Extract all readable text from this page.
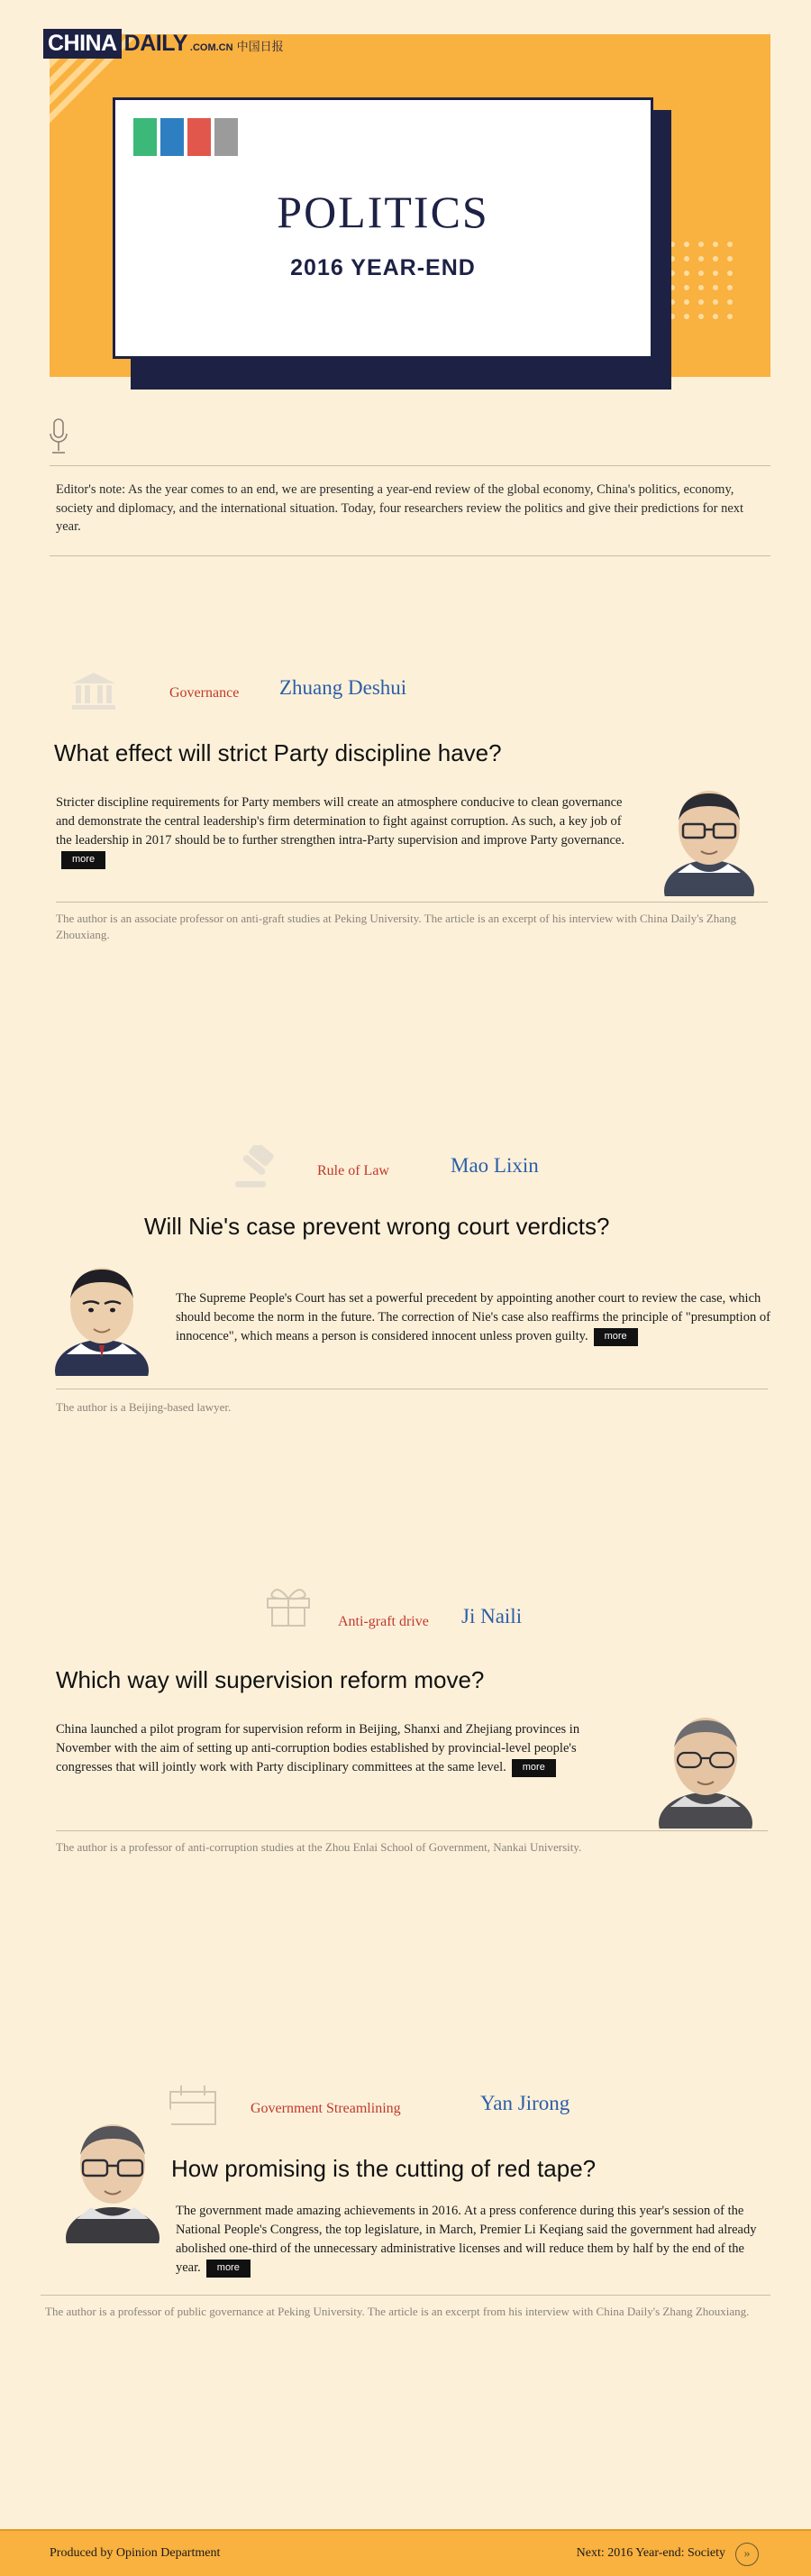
CHINA DAILY .COM.CN 中国日报
POLITICS
2016 YEAR-END
Editor's note: As the year comes to an end, we are presenting a year-end review of the global economy, China's politics, economy, society and diplomacy, and the international situation. Today, four researchers review the politics and give their predictions for next year.
Governance Zhuang Deshui
What effect will strict Party discipline have?
Stricter discipline requirements for Party members will create an atmosphere conducive to clean governance and demonstrate the central leadership's firm determination to fight against corruption. As such, a key job of the leadership in 2017 should be to further strengthen intra-Party supervision and improve Party governance.more
The author is an associate professor on anti-graft studies at Peking University. The article is an excerpt of his interview with China Daily's Zhang Zhouxiang.
Rule of Law	Mao Lixin
Will Nie's case prevent wrong court verdicts?
The Supreme People's Court has set a powerful precedent by appointing another court to review the case, which should become the norm in the future. The correction of Nie's case also reaffirms the principle of "presumption of innocence", which means a person is considered innocent unless proven guilty. more
The author is a Beijing-based lawyer.
Anti-graft drive Ji Naili
Which way will supervision reform move?
China launched a pilot program for supervision reform in Beijing, Shanxi and Zhejiang provinces in November with the aim of setting up anti-corruption bodies established by provincial-level people's congresses that will jointly work with Party disciplinary committees at the same level. more
The author is a professor of anti-corruption studies at the Zhou Enlai School of Government, Nankai University.
Government Streamlining	Yan Jirong
How promising is the cutting of red tape?
The government made amazing achievements in 2016. At a press conference during this year's session of the National People's Congress, the top legislature, in March, Premier Li Keqiang said the government had already abolished one-third of the unnecessary administrative licenses and will reduce them by half by the end of the year. more
The author is a professor of public governance at Peking University. The article is an excerpt from his interview with China Daily's Zhang Zhouxiang.
Produced by Opinion Department	Next: 2016 Year-end: Society	»
